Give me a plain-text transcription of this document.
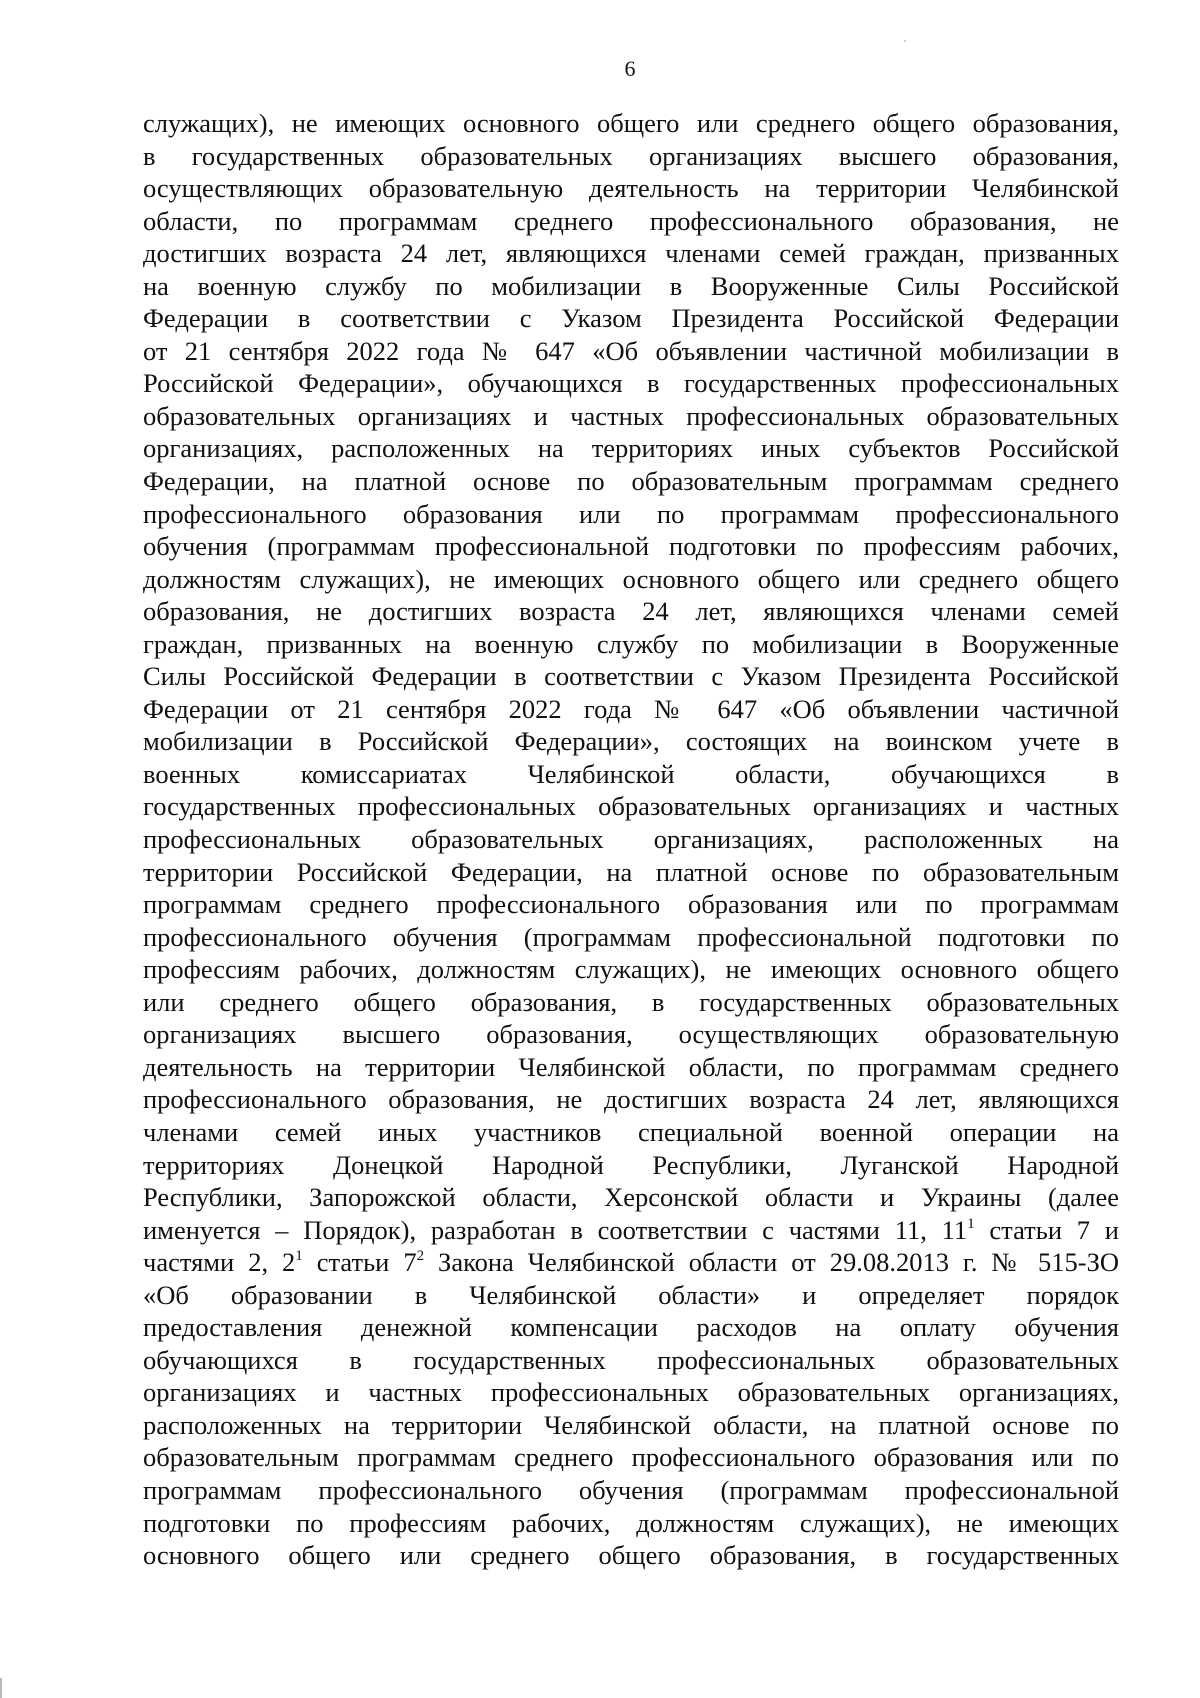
6
служащих), не имеющих основного общего или среднего общего образования,
в государственных образовательных организациях высшего образования,
осуществляющих образовательную деятельность на территории Челябинской
области, по программам среднего профессионального образования, не
достигших возраста 24 лет, являющихся членами семей граждан, призванных
на военную службу по мобилизации в Вооруженные Силы Российской
Федерации в соответствии с Указом Президента Российской Федерации
от 21 сентября 2022 года № 647 «Об объявлении частичной мобилизации в
Российской Федерации», обучающихся в государственных профессиональных
образовательных организациях и частных профессиональных образовательных
организациях, расположенных на территориях иных субъектов Российской
Федерации, на платной основе по образовательным программам среднего
профессионального образования или по программам профессионального
обучения (программам профессиональной подготовки по профессиям рабочих,
должностям служащих), не имеющих основного общего или среднего общего
образования, не достигших возраста 24 лет, являющихся членами семей
граждан, призванных на военную службу по мобилизации в Вооруженные
Силы Российской Федерации в соответствии с Указом Президента Российской
Федерации от 21 сентября 2022 года № 647 «Об объявлении частичной
мобилизации в Российской Федерации», состоящих на воинском учете в
военных комиссариатах Челябинской области, обучающихся в
государственных профессиональных образовательных организациях и частных
профессиональных образовательных организациях, расположенных на
территории Российской Федерации, на платной основе по образовательным
программам среднего профессионального образования или по программам
профессионального обучения (программам профессиональной подготовки по
профессиям рабочих, должностям служащих), не имеющих основного общего
или среднего общего образования, в государственных образовательных
организациях высшего образования, осуществляющих образовательную
деятельность на территории Челябинской области, по программам среднего
профессионального образования, не достигших возраста 24 лет, являющихся
членами семей иных участников специальной военной операции на
территориях Донецкой Народной Республики, Луганской Народной
Республики, Запорожской области, Херсонской области и Украины (далее
именуется – Порядок), разработан в соответствии с частями 11, $11^1$ статьи 7 и
частями 2, $2^1$ статьи $7^2$ Закона Челябинской области от 29.08.2013 г. № 515-ЗО
«Об образовании в Челябинской области» и определяет порядок
предоставления денежной компенсации расходов на оплату обучения
обучающихся в государственных профессиональных образовательных
организациях и частных профессиональных образовательных организациях,
расположенных на территории Челябинской области, на платной основе по
образовательным программам среднего профессионального образования или по
программам профессионального обучения (программам профессиональной
подготовки по профессиям рабочих, должностям служащих), не имеющих
основного общего или среднего общего образования, в государственных
